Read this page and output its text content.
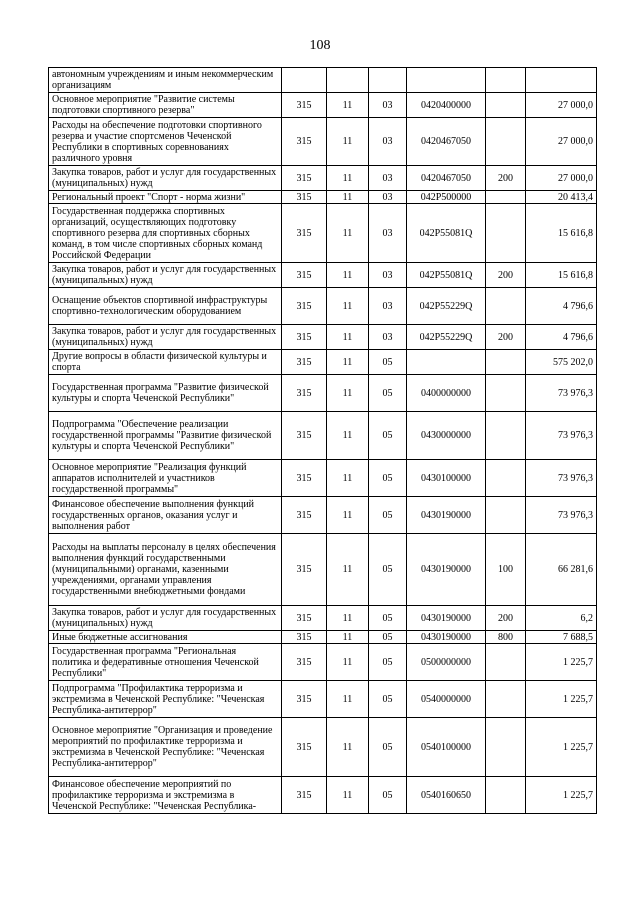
108
автономным учреждениям и иным некоммерческим организациям						
Основное мероприятие "Развитие системы подготовки спортивного резерва"	315	11	03	0420400000		27 000,0
Расходы на обеспечение подготовки спортивного резерва и участие спортсменов Чеченской Республики в спортивных соревнованиях различного уровня	315	11	03	0420467050		27 000,0
Закупка товаров, работ и услуг для государственных (муниципальных) нужд	315	11	03	0420467050	200	27 000,0
Региональный проект "Спорт - норма жизни"	315	11	03	042P500000		20 413,4
Государственная поддержка спортивных организаций, осуществляющих подготовку спортивного резерва для спортивных сборных команд, в том числе спортивных сборных команд Российской Федерации	315	11	03	042P55081Q		15 616,8
Закупка товаров, работ и услуг для государственных (муниципальных) нужд	315	11	03	042P55081Q	200	15 616,8
Оснащение объектов спортивной инфраструктуры спортивно-технологическим оборудованием	315	11	03	042P55229Q		4 796,6
Закупка товаров, работ и услуг для государственных (муниципальных) нужд	315	11	03	042P55229Q	200	4 796,6
Другие вопросы в области физической культуры и спорта	315	11	05			575 202,0
Государственная программа "Развитие физической культуры и спорта Чеченской Республики"	315	11	05	0400000000		73 976,3
Подпрограмма "Обеспечение реализации государственной программы "Развитие физической культуры и спорта Чеченской Республики"	315	11	05	0430000000		73 976,3
Основное мероприятие "Реализация функций аппаратов исполнителей и участников государственной программы"	315	11	05	0430100000		73 976,3
Финансовое обеспечение выполнения функций государственных органов, оказания услуг и выполнения работ	315	11	05	0430190000		73 976,3
Расходы на выплаты персоналу в целях обеспечения выполнения функций государственными (муниципальными) органами, казенными учреждениями, органами управления государственными внебюджетными фондами	315	11	05	0430190000	100	66 281,6
Закупка товаров, работ и услуг для государственных (муниципальных) нужд	315	11	05	0430190000	200	6,2
Иные бюджетные ассигнования	315	11	05	0430190000	800	7 688,5
Государственная программа "Региональная политика и федеративные отношения Чеченской Республики"	315	11	05	0500000000		1 225,7
Подпрограмма "Профилактика терроризма и экстремизма в Чеченской Республике: "Чеченская Республика-антитеррор"	315	11	05	0540000000		1 225,7
Основное мероприятие "Организация и проведение мероприятий по профилактике терроризма и экстремизма в Чеченской Республике: "Чеченская Республика-антитеррор"	315	11	05	0540100000		1 225,7
Финансовое обеспечение мероприятий по профилактике терроризма и экстремизма в Чеченской Республике: "Чеченская Республика-	315	11	05	0540160650		1 225,7
